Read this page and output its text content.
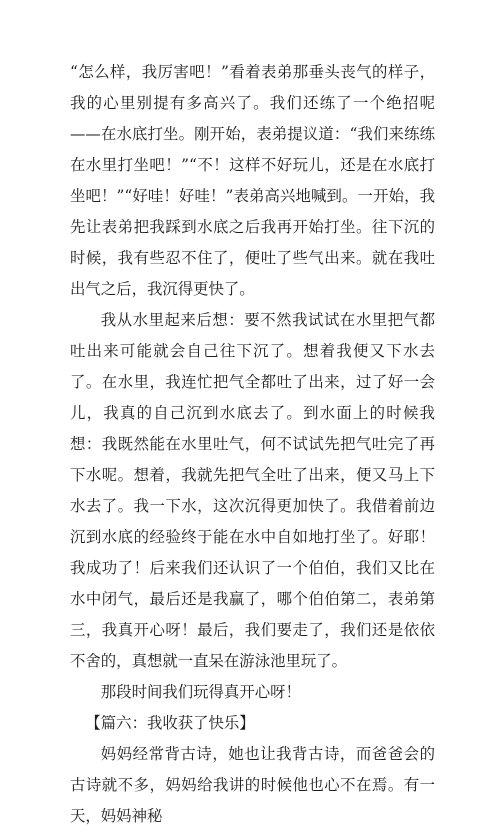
“怎么样，我厉害吧！”看着表弟那垂头丧气的样子，我的心里别提有多高兴了。我们还练了一个绝招呢——在水底打坐。刚开始，表弟提议道：“我们来练练在水里打坐吧！”“不！这样不好玩儿，还是在水底打坐吧！”“好哇！好哇！”表弟高兴地喊到。一开始，我先让表弟把我踩到水底之后我再开始打坐。往下沉的时候，我有些忍不住了，便吐了些气出来。就在我吐出气之后，我沉得更快了。

我从水里起来后想：要不然我试试在水里把气都吐出来可能就会自己往下沉了。想着我便又下水去了。在水里，我连忙把气全都吐了出来，过了好一会儿，我真的自己沉到水底去了。到水面上的时候我想：我既然能在水里吐气，何不试试先把气吐完了再下水呢。想着，我就先把气全吐了出来，便又马上下水去了。我一下水，这次沉得更加快了。我借着前边沉到水底的经验终于能在水中自如地打坐了。好耶！我成功了！后来我们还认识了一个伯伯，我们又比在水中闭气，最后还是我赢了，哪个伯伯第二，表弟第三，我真开心呀！最后，我们要走了，我们还是依依不舍的，真想就一直呆在游泳池里玩了。

那段时间我们玩得真开心呀！

【篇六：我收获了快乐】

妈妈经常背古诗，她也让我背古诗，而爸爸会的古诗就不多，妈妈给我讲的时候他也心不在焉。有一天，妈妈神秘
